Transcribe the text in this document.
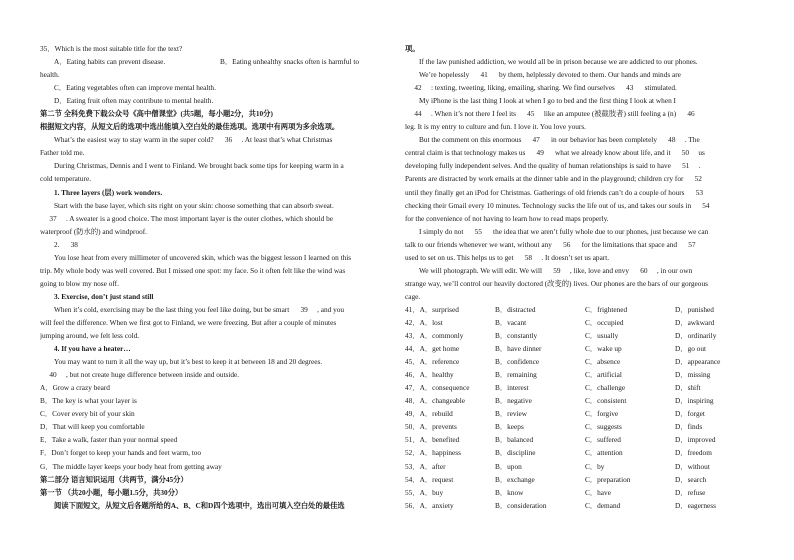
35．Which is the most suitable title for the text?
A．Eating habits can prevent disease.	B．Eating unhealthy snacks often is harmful to
health.
C．Eating vegetables often can improve mental health.
D．Eating fruit often may contribute to mental health.
第二节 全科免费下载公众号《高中僧课堂》(共5题，每小题2分，共10分)
根据短文内容，从短文后的选项中选出能填入空白处的最佳选项。选项中有两项为多余选项。
What’s the easiest way to stay warm in the super cold? 36 . At least that’s what Christmas
Father told me.
During Christmas, Dennis and I went to Finland. We brought back some tips for keeping warm in a
cold temperature.
1. Three layers (层) work wonders.
Start with the base layer, which sits right on your skin: choose something that can absorb sweat.
37 . A sweater is a good choice. The most important layer is the outer clothes, which should be
waterproof (防水的) and windproof.
2. 38
You lose heat from every millimeter of uncovered skin, which was the biggest lesson I learned on this
trip. My whole body was well covered. But I missed one spot: my face. So it often felt like the wind was
going to blow my nose off.
3. Exercise, don’t just stand still
When it’s cold, exercising may be the last thing you feel like doing, but be smart 39 , and you
will feel the difference. When we first got to Finland, we were freezing. But after a couple of minutes
jumping around, we felt less cold.
4. If you have a heater…
You may want to turn it all the way up, but it’s best to keep it at between 18 and 20 degrees.
40 , but not create huge difference between inside and outside.
A．Grow a crazy beard
B．The key is what your layer is
C．Cover every bit of your skin
D．That will keep you comfortable
E．Take a walk, faster than your normal speed
F．Don’t forget to keep your hands and feet warm, too
G．The middle layer keeps your body heat from getting away
第二部分 语言知识运用（共两节，满分45分）
第一节 （共20小题，每小题1.5分，共30分）
阅读下面短文，从短文后各题所给的A、B、C和D四个选项中，选出可填入空白处的最佳选
项。
If the law punished addiction, we would all be in prison because we are addicted to our phones.
We’re hopelessly 41 by them, helplessly devoted to them. Our hands and minds are
42 : texting, tweeting, liking, emailing, sharing. We find ourselves 43 stimulated.
My iPhone is the last thing I look at when I go to bed and the first thing I look at when I
44 . When it’s not there I feel its 45 like an amputee (被截肢者) still feeling a (n) 46
leg. It is my entry to culture and fun. I love it. You love yours.
But the comment on this enormous 47 in our behavior has been completely 48 . The
central claim is that technology makes us 49 what we already know about life, and it 50 us
developing fully independent selves. And the quality of human relationships is said to have 51 .
Parents are distracted by work emails at the dinner table and in the playground; children cry for 52
until they finally get an iPod for Christmas. Gatherings of old friends can’t do a couple of hours 53
checking their Gmail every 10 minutes. Technology sucks the life out of us, and takes our souls in 54
for the convenience of not having to learn how to read maps properly.
I simply do not 55 the idea that we aren’t fully whole due to our phones, just because we can
talk to our friends whenever we want, without any 56 for the limitations that space and 57
used to set on us. This helps us to get 58 . It doesn’t set us apart.
We will photograph. We will edit. We will 59 , like, love and envy 60 , in our own
strange way, we’ll control our heavily doctored (改变的) lives. Our phones are the bars of our gorgeous
cage.
41．A．surprised	B．distracted	C．frightened	D．punished
42．A．lost	B．vacant	C．occupied	D．awkward
43．A．commonly	B．constantly	C．usually	D．ordinarily
44．A．get home	B．have dinner	C．wake up	D．go out
45．A．reference	B．confidence	C．absence	D．appearance
46．A．healthy	B．remaining	C．artificial	D．missing
47．A．consequence	B．interest	C．challenge	D．shift
48．A．changeable	B．negative	C．consistent	D．inspiring
49．A．rebuild	B．review	C．forgive	D．forget
50．A．prevents	B．keeps	C．suggests	D．finds
51．A．benefited	B．balanced	C．suffered	D．improved
52．A．happiness	B．discipline	C．attention	D．freedom
53．A．after	B．upon	C．by	D．without
54．A．request	B．exchange	C．preparation	D．search
55．A．buy	B．know	C．have	D．refuse
56．A．anxiety	B．consideration	C．demand	D．eagerness
